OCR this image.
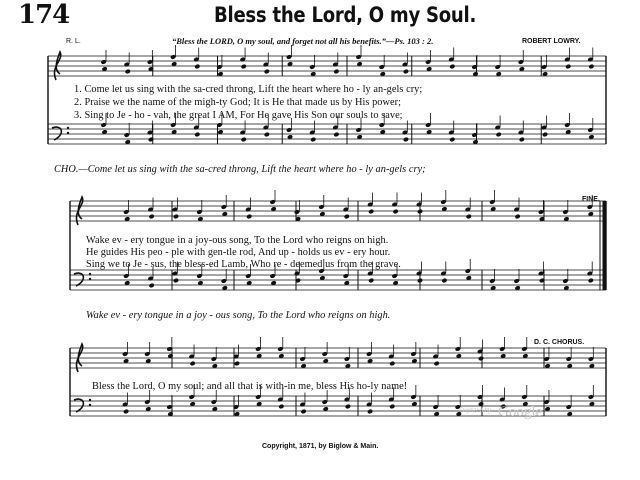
174	Bless the Lord, O my Soul.
R. L.	“Bless the LORD, O my soul, and forget not all his benefits.”—Ps. 103 : 2.	ROBERT LOWRY.
1. Come let us sing with the sa-cred throng, Lift the heart where ho - ly an-gels cry;
2. Praise we the name of the migh-ty God; It is He that made us by His power;
3. Sing to Je - ho - vah, the great I AM, For He gave His Son our souls to save;
CHO.—Come let us sing with the sa-cred throng, Lift the heart where ho - ly an-gels cry;
FINE.
Wake ev - ery tongue in a joy-ous song, To the Lord who reigns on high.
He guides His peo - ple with gen-tle rod, And up - holds us ev - ery hour.
Sing we to Je - sus, the bless-ed Lamb, Who re - deemed us from the grave.
Wake ev - ery tongue in a joy - ous song, To the Lord who reigns on high.
D. C. CHORUS.
Bless the Lord, O my soul; and all that is with-in me, bless His ho-ly name!
Digitized by Google
Copyright, 1871, by Biglow & Main.
